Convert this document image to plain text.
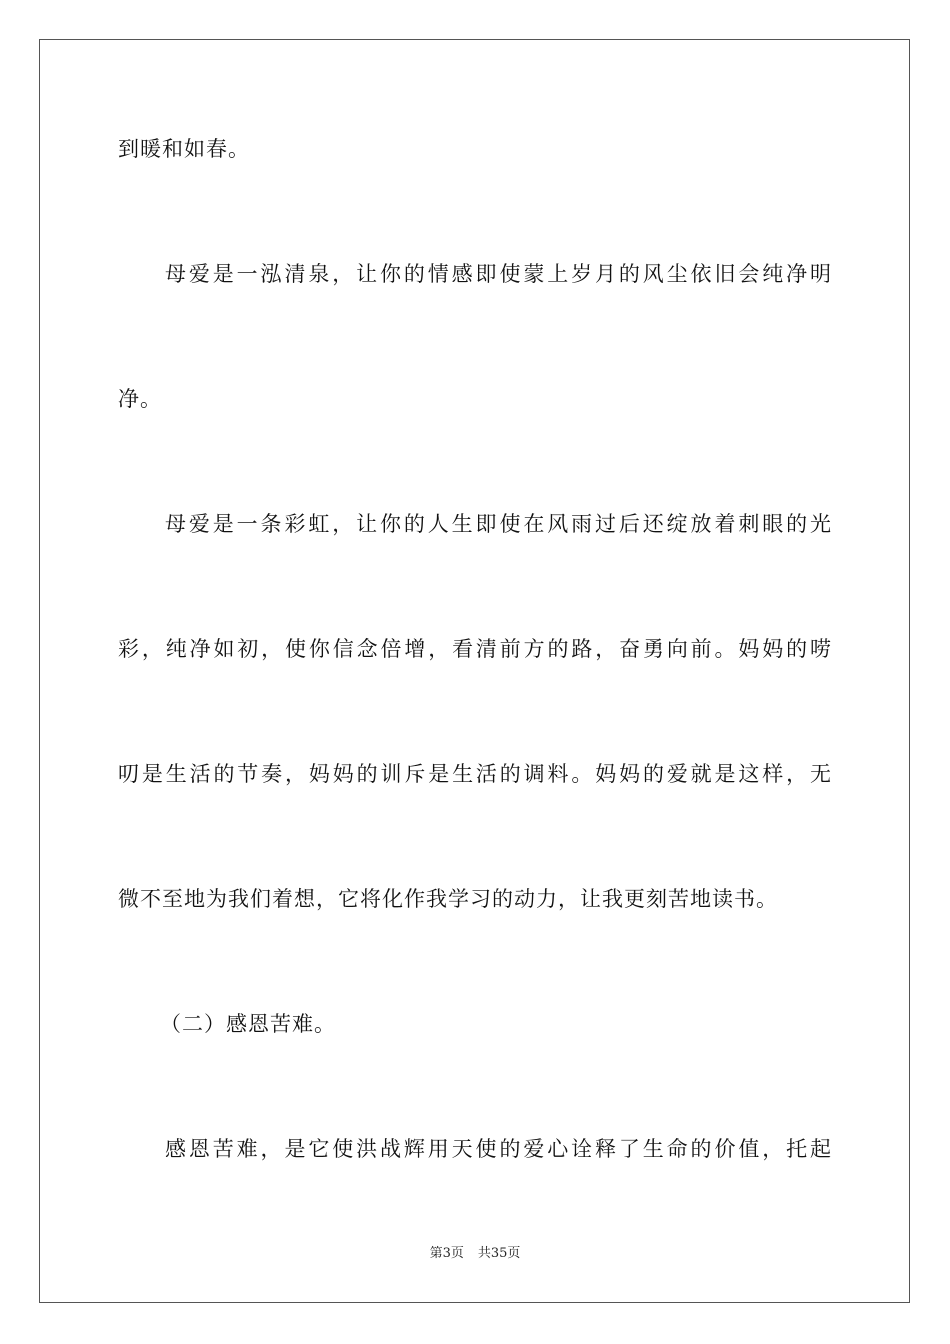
到暖和如春。

母爱是一泓清泉，让你的情感即使蒙上岁月的风尘依旧会纯净明

净。

母爱是一条彩虹，让你的人生即使在风雨过后还绽放着刺眼的光

彩，纯净如初，使你信念倍增，看清前方的路，奋勇向前。妈妈的唠

叨是生活的节奏，妈妈的训斥是生活的调料。妈妈的爱就是这样，无

微不至地为我们着想，它将化作我学习的动力，让我更刻苦地读书。

（二）感恩苦难。

感恩苦难，是它使洪战辉用天使的爱心诠释了生命的价值，托起

第3页 共35页
